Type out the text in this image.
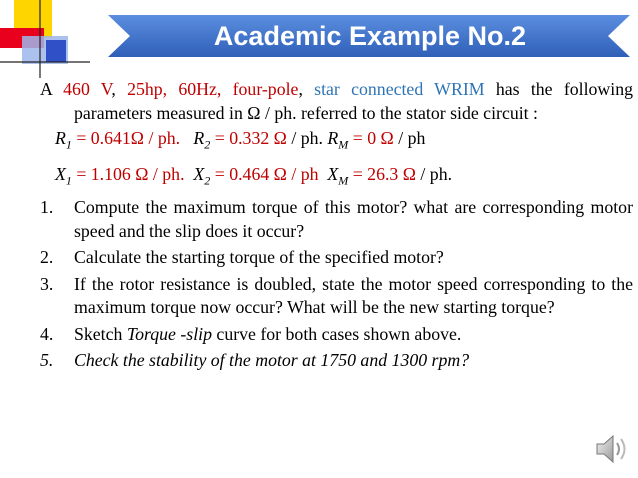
Academic Example No.2
A 460 V, 25hp, 60Hz, four-pole, star connected WRIM has the following parameters measured in Ω / ph. referred to the stator side circuit :
$R_1 = 0.641\Omega$ / ph. $R_2 = 0.332$ Ω / ph. $R_M = 0$ Ω / ph
$X_1 = 1.106$ Ω / ph. $X_2 = 0.464$ Ω / ph $X_M = 26.3$ Ω / ph.
1. Compute the maximum torque of this motor? what are corresponding motor speed and the slip does it occur?
2. Calculate the starting torque of the specified motor?
3. If the rotor resistance is doubled, state the motor speed corresponding to the maximum torque now occur? What will be the new starting torque?
4. Sketch Torque -slip curve for both cases shown above.
5. Check the stability of the motor at 1750 and 1300 rpm?
